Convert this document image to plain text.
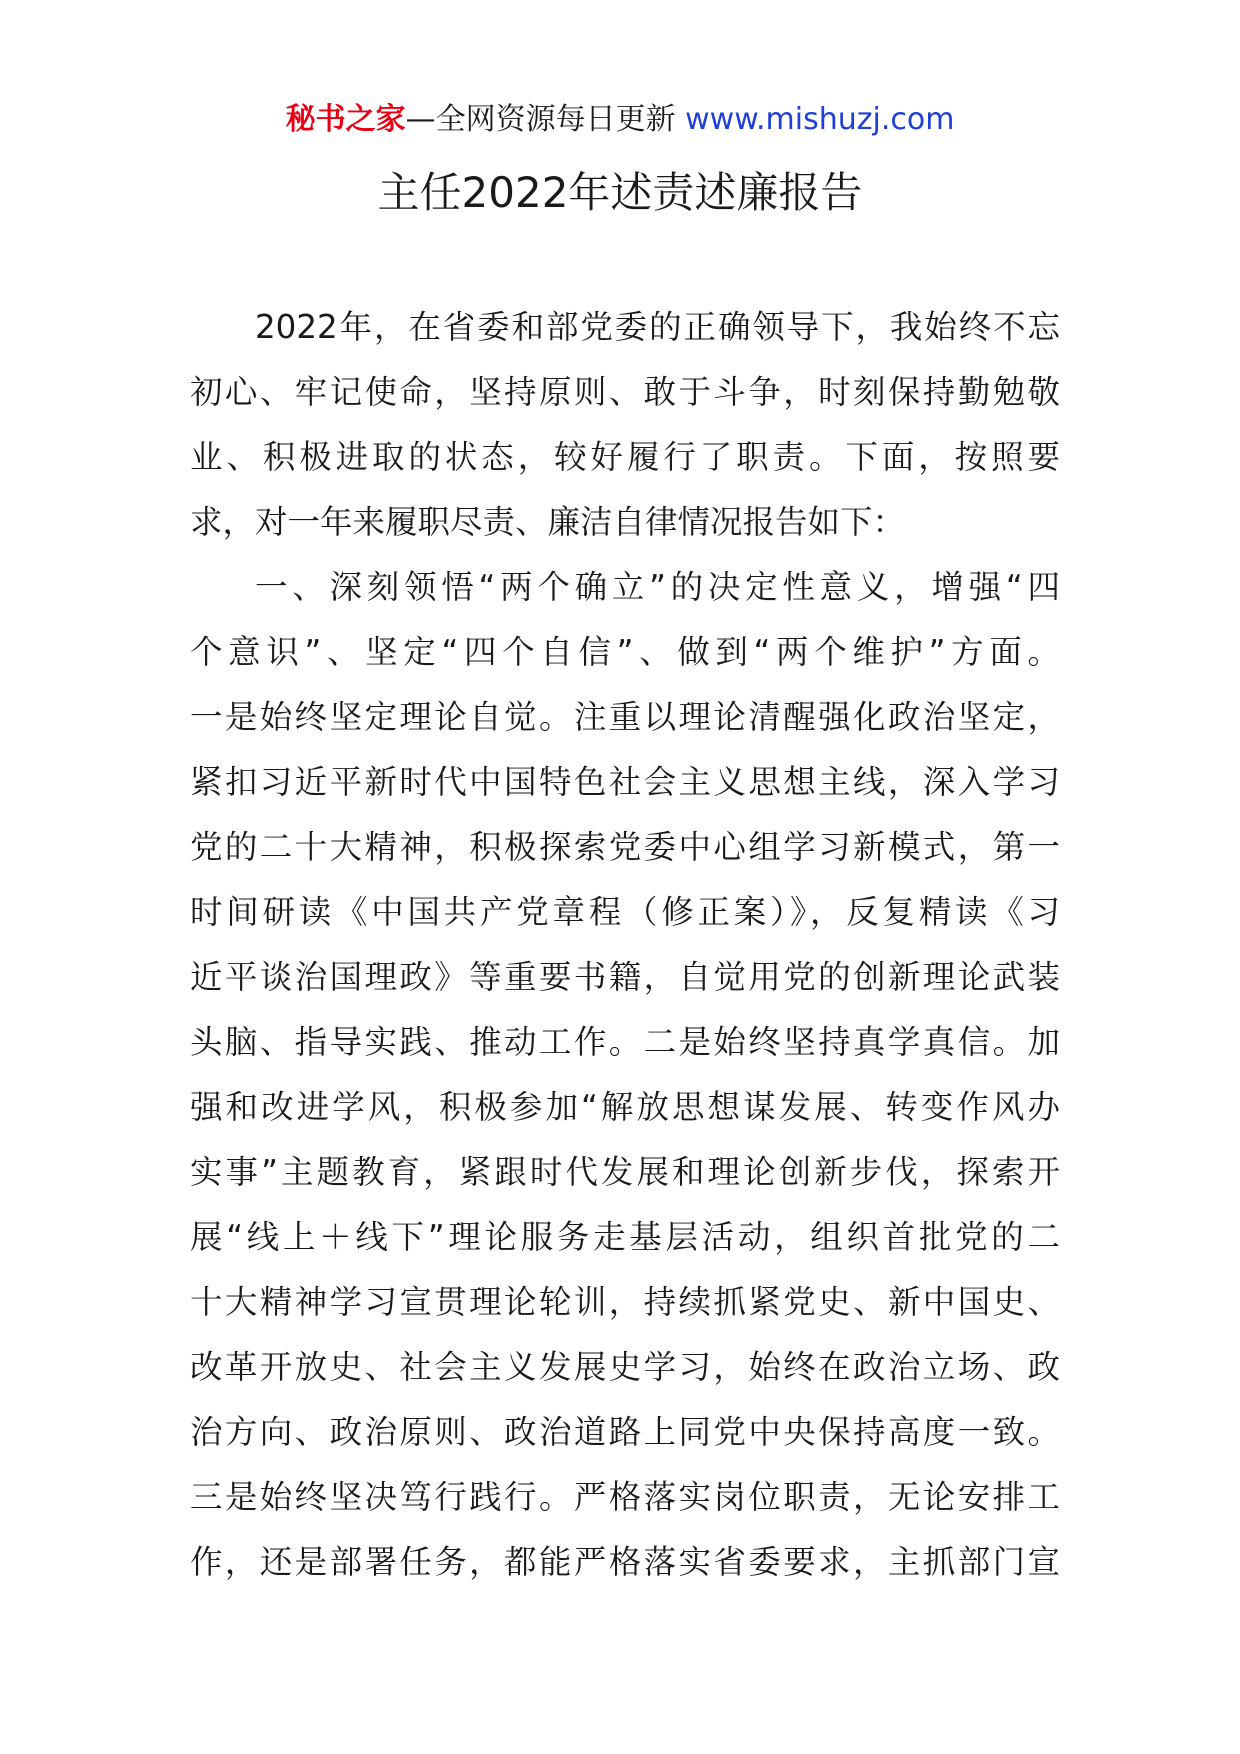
秘书之家—全网资源每日更新 www.mishuzj.com
主任2022年述责述廉报告
2022年，在省委和部党委的正确领导下，我始终不忘
初心、牢记使命，坚持原则、敢于斗争，时刻保持勤勉敬
业、积极进取的状态，较好履行了职责。下面，按照要
求，对一年来履职尽责、廉洁自律情况报告如下：
一、深刻领悟“两个确立”的决定性意义，增强“四
个意识”、坚定“四个自信”、做到“两个维护”方面。
一是始终坚定理论自觉。注重以理论清醒强化政治坚定，
紧扣习近平新时代中国特色社会主义思想主线，深入学习
党的二十大精神，积极探索党委中心组学习新模式，第一
时间研读《中国共产党章程（修正案）》，反复精读《习
近平谈治国理政》等重要书籍，自觉用党的创新理论武装
头脑、指导实践、推动工作。二是始终坚持真学真信。加
强和改进学风，积极参加“解放思想谋发展、转变作风办
实事”主题教育，紧跟时代发展和理论创新步伐，探索开
展“线上＋线下”理论服务走基层活动，组织首批党的二
十大精神学习宣贯理论轮训，持续抓紧党史、新中国史、
改革开放史、社会主义发展史学习，始终在政治立场、政
治方向、政治原则、政治道路上同党中央保持高度一致。
三是始终坚决笃行践行。严格落实岗位职责，无论安排工
作，还是部署任务，都能严格落实省委要求，主抓部门宣
